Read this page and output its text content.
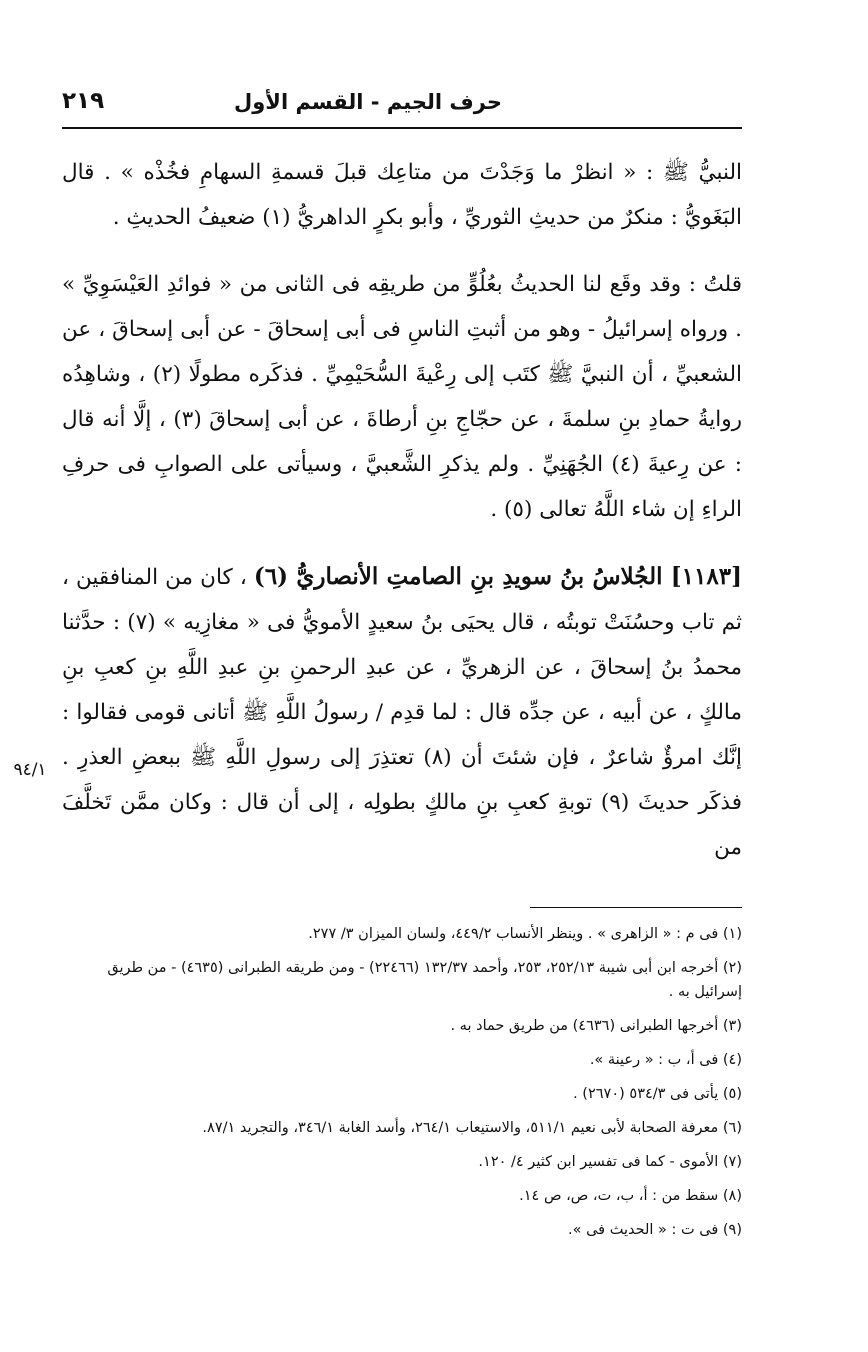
حرف الجيم - القسم الأول
٢١٩
٩٤/١

النبيُّ ﷺ : « انظرْ ما وَجَدْتَ من متاعِك قبلَ قسمةِ السهامِ فخُذْه » . قال البَغَويُّ : منكرٌ من حديثِ الثوريِّ ، وأبو بكرٍ الداهريُّ (١) ضعيفُ الحديثِ .

قلتُ : وقد وقَع لنا الحديثُ بعُلُوٍّ من طريقِه فى الثانى من « فوائدِ العَيْسَوِيِّ » . ورواه إسرائيلُ - وهو من أثبتِ الناسِ فى أبى إسحاقَ - عن أبى إسحاقَ ، عن الشعبيِّ ، أن النبيَّ ﷺ كتَب إلى رِعْيةَ السُّحَيْمِيِّ . فذكَره مطولًا (٢) ، وشاهِدُه روايةُ حمادِ بنِ سلمةَ ، عن حجّاجِ بنِ أرطاةَ ، عن أبى إسحاقَ (٣) ، إلَّا أنه قال : عن رِعيةَ (٤) الجُهَنِيِّ . ولم يذكرِ الشَّعبيَّ ، وسيأتى على الصوابِ فى حرفِ الراءِ إن شاء اللَّهُ تعالى (٥) .

[١١٨٣] الجُلاسُ بنُ سويدِ بنِ الصامتِ الأنصاريُّ (٦) ، كان من المنافقين ، ثم تاب وحسُنَتْ توبتُه ، قال يحيَى بنُ سعيدٍ الأمويُّ فى « مغازِيه » (٧) : حدَّثنا محمدُ بنُ إسحاقَ ، عن الزهريِّ ، عن عبدِ الرحمنِ بنِ عبدِ اللَّهِ بنِ كعبِ بنِ مالكٍ ، عن أبيه ، عن جدِّه قال : لما قدِم / رسولُ اللَّهِ ﷺ أتانى قومى فقالوا : إنَّك امرؤٌ شاعرٌ ، فإن شئتَ أن (٨) تعتذِرَ إلى رسولِ اللَّهِ ﷺ ببعضِ العذرِ . فذكَر حديثَ (٩) توبةِ كعبِ بنِ مالكٍ بطولِه ، إلى أن قال : وكان ممَّن تَخلَّفَ من

(١) فى م : « الزاهرى » . وينظر الأنساب ٤٤٩/٢، ولسان الميزان ٣/ ٢٧٧.

(٢) أخرجه ابن أبى شيبة ٢٥٢/١٣، ٢٥٣، وأحمد ١٣٢/٣٧ (٢٢٤٦٦) - ومن طريقه الطبرانى (٤٦٣٥) - من طريق إسرائيل به .

(٣) أخرجها الطبرانى (٤٦٣٦) من طريق حماد به .

(٤) فى أ، ب : « رعينة ».

(٥) يأتى فى ٥٣٤/٣ (٢٦٧٠) .

(٦) معرفة الصحابة لأبى نعيم ٥١١/١، والاستيعاب ٢٦٤/١، وأسد الغابة ٣٤٦/١، والتجريد ٨٧/١.

(٧) الأموى - كما فى تفسير ابن كثير ٤/ ١٢٠.

(٨) سقط من : أ، ب، ت، ص، ص ١٤.

(٩) فى ت : « الحديث فى ».
